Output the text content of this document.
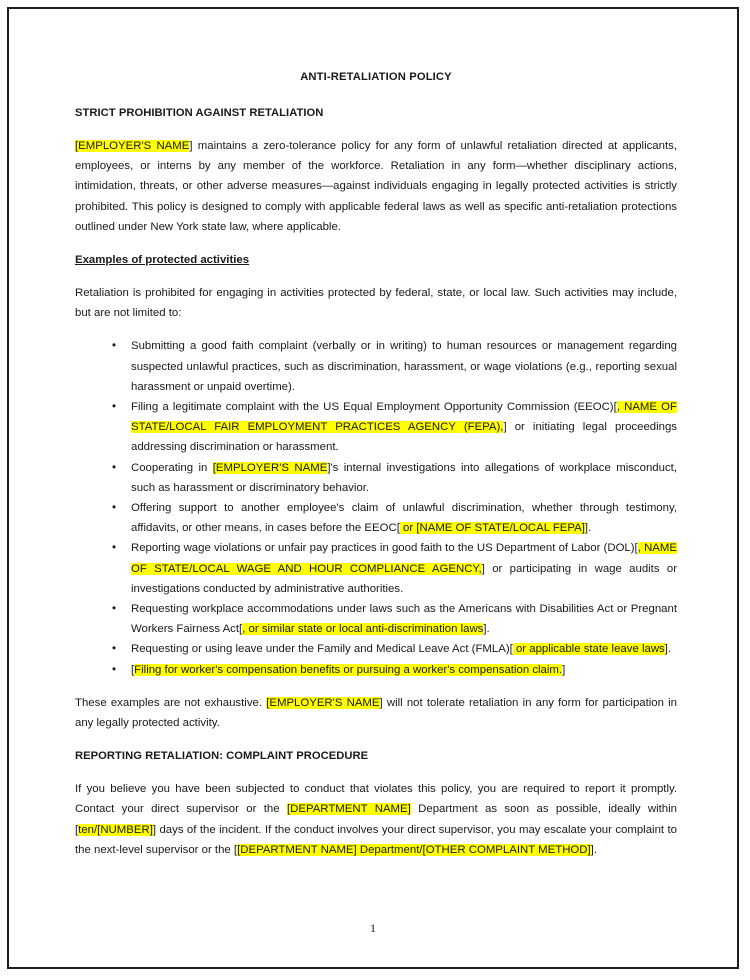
ANTI-RETALIATION POLICY
STRICT PROHIBITION AGAINST RETALIATION

[EMPLOYER'S NAME] maintains a zero-tolerance policy for any form of unlawful retaliation directed at applicants, employees, or interns by any member of the workforce. Retaliation in any form—whether disciplinary actions, intimidation, threats, or other adverse measures—against individuals engaging in legally protected activities is strictly prohibited. This policy is designed to comply with applicable federal laws as well as specific anti-retaliation protections outlined under New York state law, where applicable.

Examples of protected activities

Retaliation is prohibited for engaging in activities protected by federal, state, or local law. Such activities may include, but are not limited to:

• Submitting a good faith complaint (verbally or in writing) to human resources or management regarding suspected unlawful practices, such as discrimination, harassment, or wage violations (e.g., reporting sexual harassment or unpaid overtime).
• Filing a legitimate complaint with the US Equal Employment Opportunity Commission (EEOC)[, NAME OF STATE/LOCAL FAIR EMPLOYMENT PRACTICES AGENCY (FEPA),] or initiating legal proceedings addressing discrimination or harassment.
• Cooperating in [EMPLOYER'S NAME]'s internal investigations into allegations of workplace misconduct, such as harassment or discriminatory behavior.
• Offering support to another employee's claim of unlawful discrimination, whether through testimony, affidavits, or other means, in cases before the EEOC[ or [NAME OF STATE/LOCAL FEPA]].
• Reporting wage violations or unfair pay practices in good faith to the US Department of Labor (DOL)[, NAME OF STATE/LOCAL WAGE AND HOUR COMPLIANCE AGENCY,] or participating in wage audits or investigations conducted by administrative authorities.
• Requesting workplace accommodations under laws such as the Americans with Disabilities Act or Pregnant Workers Fairness Act[, or similar state or local anti-discrimination laws].
• Requesting or using leave under the Family and Medical Leave Act (FMLA)[ or applicable state leave laws].
• [Filing for worker's compensation benefits or pursuing a worker's compensation claim.]

These examples are not exhaustive. [EMPLOYER'S NAME] will not tolerate retaliation in any form for participation in any legally protected activity.

REPORTING RETALIATION: COMPLAINT PROCEDURE

If you believe you have been subjected to conduct that violates this policy, you are required to report it promptly. Contact your direct supervisor or the [DEPARTMENT NAME] Department as soon as possible, ideally within [ten/[NUMBER]] days of the incident. If the conduct involves your direct supervisor, you may escalate your complaint to the next-level supervisor or the [[DEPARTMENT NAME] Department/[OTHER COMPLAINT METHOD]].

1
